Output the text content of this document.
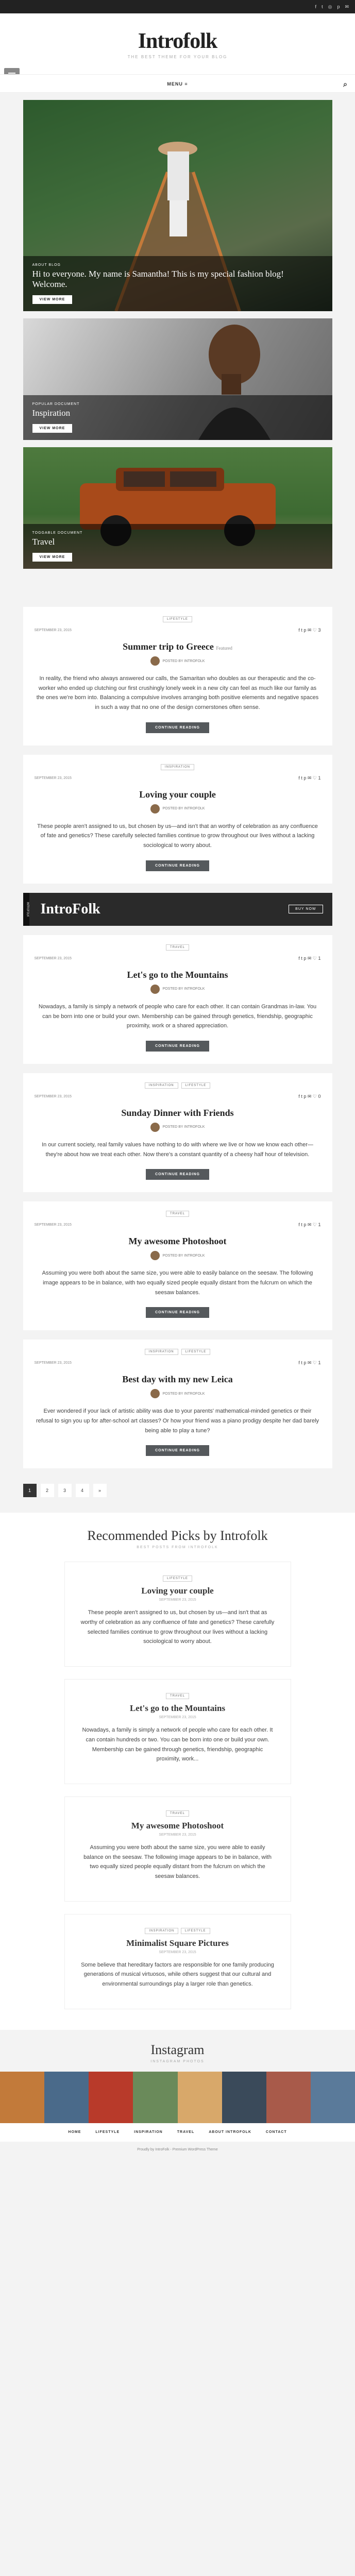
f t ◎ p ✉
Introfolk
THE BEST THEME FOR YOUR BLOG
MENU ≡	⌕
ABOUT BLOG
Hi to everyone. My name is Samantha! This is my special fashion blog! Welcome.
VIEW MORE
POPULAR DOCUMENT
Inspiration
VIEW MORE
TOGGABLE DOCUMENT
Travel
VIEW MORE
LIFESTYLE
SEPTEMBER 23, 2015	f t p ✉ ♡ 3
Summer trip to Greece Featured
POSTED BY INTROFOLK
In reality, the friend who always answered our calls, the Samaritan who doubles as our therapeutic and the co-worker who ended up clutching our first crushingly lonely week in a new city can feel as much like our family as the ones we're born into. Balancing a compulsive involves arranging both positive elements and negative spaces in such a way that no one of the design cornerstones often sense.
CONTINUE READING
INSPIRATION
SEPTEMBER 23, 2015	f t p ✉ ♡ 1
Loving your couple
POSTED BY INTROFOLK
These people aren't assigned to us, but chosen by us—and isn't that an worthy of celebration as any confluence of fate and genetics? These carefully selected families continue to grow throughout our lives without a lacking sociological to worry about.
CONTINUE READING
INTROFOLK IntroFolk	BUY NOW
TRAVEL
SEPTEMBER 23, 2015	f t p ✉ ♡ 1
Let's go to the Mountains
POSTED BY INTROFOLK
Nowadays, a family is simply a network of people who care for each other. It can contain Grandmas in-law. You can be born into one or build your own. Membership can be gained through genetics, friendship, geographic proximity, work or a shared appreciation.
CONTINUE READING
INSPIRATION	LIFESTYLE
SEPTEMBER 23, 2015	f t p ✉ ♡ 0
Sunday Dinner with Friends
POSTED BY INTROFOLK
In our current society, real family values have nothing to do with where we live or how we know each other—they're about how we treat each other. Now there's a constant quantity of a cheesy half hour of television.
CONTINUE READING
TRAVEL
SEPTEMBER 23, 2015	f t p ✉ ♡ 1
My awesome Photoshoot
POSTED BY INTROFOLK
Assuming you were both about the same size, you were able to easily balance on the seesaw. The following image appears to be in balance, with two equally sized people equally distant from the fulcrum on which the seesaw balances.
CONTINUE READING
INSPIRATION	LIFESTYLE
SEPTEMBER 23, 2015	f t p ✉ ♡ 1
Best day with my new Leica
POSTED BY INTROFOLK
Ever wondered if your lack of artistic ability was due to your parents' mathematical-minded genetics or their refusal to sign you up for after-school art classes? Or how your friend was a piano prodigy despite her dad barely being able to play a tune?
CONTINUE READING
1	2	3	4	»
Recommended Picks by Introfolk
BEST POSTS FROM INTROFOLK
LIFESTYLE
Loving your couple
SEPTEMBER 23, 2015
These people aren't assigned to us, but chosen by us—and isn't that as worthy of celebration as any confluence of fate and genetics? These carefully selected families continue to grow throughout our lives without a lacking sociological to worry about.
TRAVEL
Let's go to the Mountains
SEPTEMBER 23, 2015
Nowadays, a family is simply a network of people who care for each other. It can contain hundreds or two. You can be born into one or build your own. Membership can be gained through genetics, friendship, geographic proximity, work...
TRAVEL
My awesome Photoshoot
SEPTEMBER 23, 2015
Assuming you were both about the same size, you were able to easily balance on the seesaw. The following image appears to be in balance, with two equally sized people equally distant from the fulcrum on which the seesaw balances.
INSPIRATION	LIFESTYLE
Minimalist Square Pictures
SEPTEMBER 23, 2015
Some believe that hereditary factors are responsible for one family producing generations of musical virtuosos, while others suggest that our cultural and environmental surroundings play a larger role than genetics.
Instagram
INSTAGRAM PHOTOS
HOME	LIFESTYLE	INSPIRATION	TRAVEL	ABOUT INTROFOLK	CONTACT
Proudly by IntroFolk - Premium WordPress Theme
